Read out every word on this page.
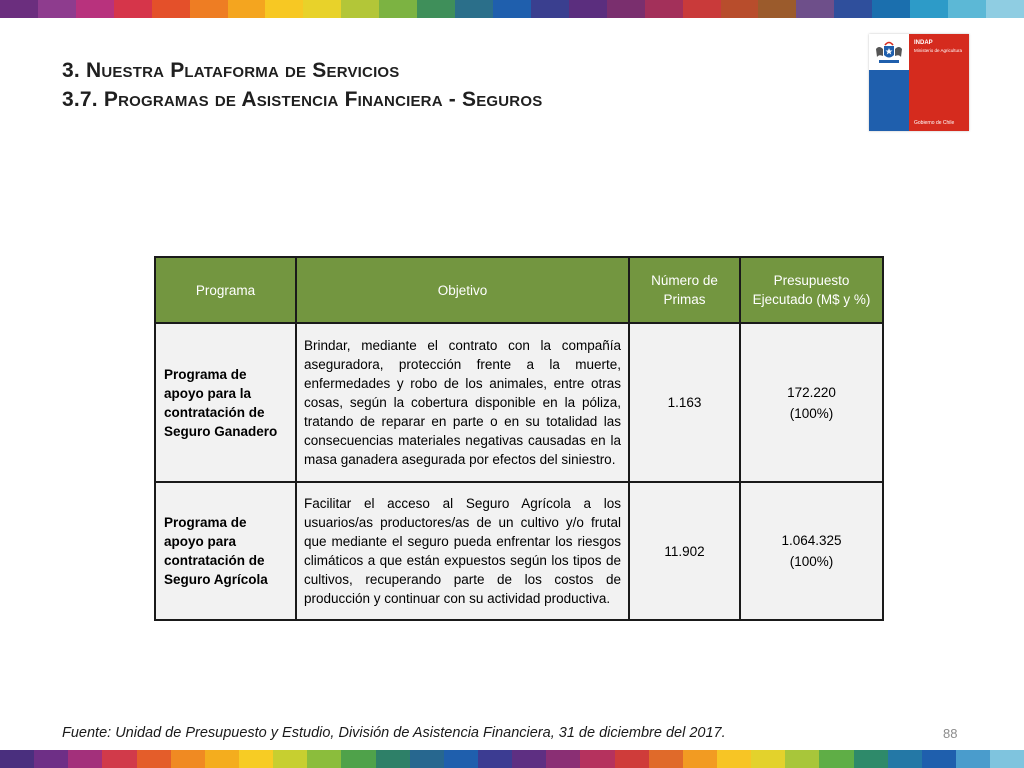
3. Nuestra Plataforma de Servicios
3.7. Programas de Asistencia Financiera - Seguros
INDAP
Ministerio de Agricultura
Gobierno de Chile
Programa	Objetivo	Número de Primas	Presupuesto Ejecutado (M$ y %)
Programa de apoyo para la contratación de Seguro Ganadero	Brindar, mediante el contrato con la compañía aseguradora, protección frente a la muerte, enfermedades y robo de los animales, entre otras cosas, según la cobertura disponible en la póliza, tratando de reparar en parte o en su totalidad las consecuencias materiales negativas causadas en la masa ganadera asegurada por efectos del siniestro.	1.163	172.220
(100%)

Programa de apoyo para contratación de Seguro Agrícola	Facilitar el acceso al Seguro Agrícola a los usuarios/as productores/as de un cultivo y/o frutal que mediante el seguro pueda enfrentar los riesgos climáticos a que están expuestos según los tipos de cultivos, recuperando parte de los costos de producción y continuar con su actividad productiva.	11.902	1.064.325
(100%)
Fuente: Unidad de Presupuesto y Estudio, División de Asistencia Financiera, 31 de diciembre del 2017.	88
